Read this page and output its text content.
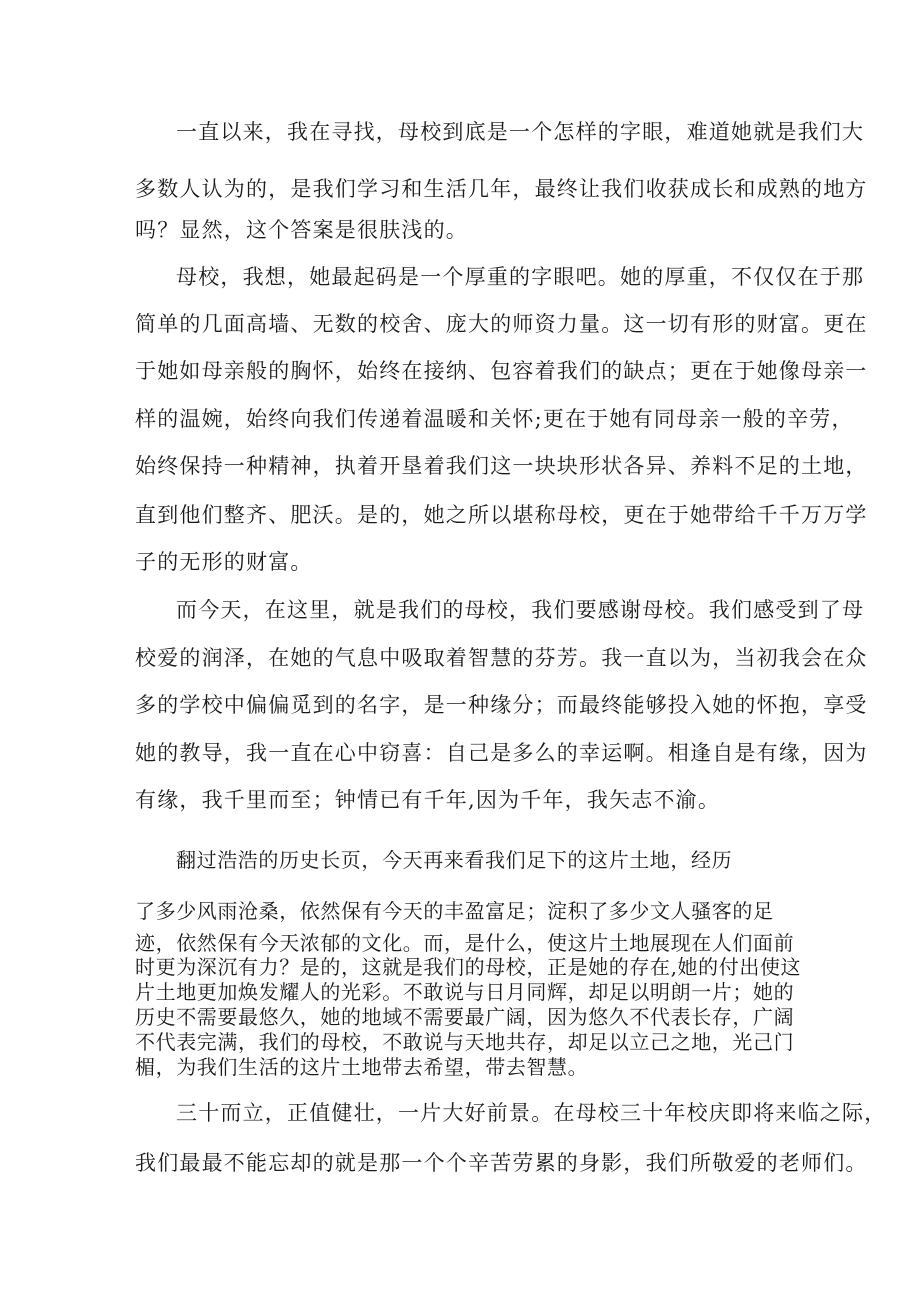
一直以来，我在寻找，母校到底是一个怎样的字眼，难道她就是我们大
多数人认为的，是我们学习和生活几年，最终让我们收获成长和成熟的地方
吗？显然，这个答案是很肤浅的。
母校，我想，她最起码是一个厚重的字眼吧。她的厚重，不仅仅在于那
简单的几面高墙、无数的校舍、庞大的师资力量。这一切有形的财富。更在
于她如母亲般的胸怀，始终在接纳、包容着我们的缺点；更在于她像母亲一
样的温婉，始终向我们传递着温暖和关怀;更在于她有同母亲一般的辛劳，
始终保持一种精神，执着开垦着我们这一块块形状各异、养料不足的土地，
直到他们整齐、肥沃。是的，她之所以堪称母校，更在于她带给千千万万学
子的无形的财富。
而今天，在这里，就是我们的母校，我们要感谢母校。我们感受到了母
校爱的润泽，在她的气息中吸取着智慧的芬芳。我一直以为，当初我会在众
多的学校中偏偏觅到的名字，是一种缘分；而最终能够投入她的怀抱，享受
她的教导，我一直在心中窃喜：自己是多么的幸运啊。相逢自是有缘，因为
有缘，我千里而至；钟情已有千年,因为千年，我矢志不渝。
翻过浩浩的历史长页，今天再来看我们足下的这片土地，经历
了多少风雨沧桑，依然保有今天的丰盈富足；淀积了多少文人骚客的足
迹，依然保有今天浓郁的文化。而，是什么，使这片土地展现在人们面前
时更为深沉有力？是的，这就是我们的母校，正是她的存在,她的付出使这
片土地更加焕发耀人的光彩。不敢说与日月同辉，却足以明朗一片；她的
历史不需要最悠久，她的地域不需要最广阔，因为悠久不代表长存，广阔
不代表完满，我们的母校，不敢说与天地共存，却足以立己之地，光己门
楣，为我们生活的这片土地带去希望，带去智慧。
三十而立，正值健壮，一片大好前景。在母校三十年校庆即将来临之际，
我们最最不能忘却的就是那一个个辛苦劳累的身影，我们所敬爱的老师们。
